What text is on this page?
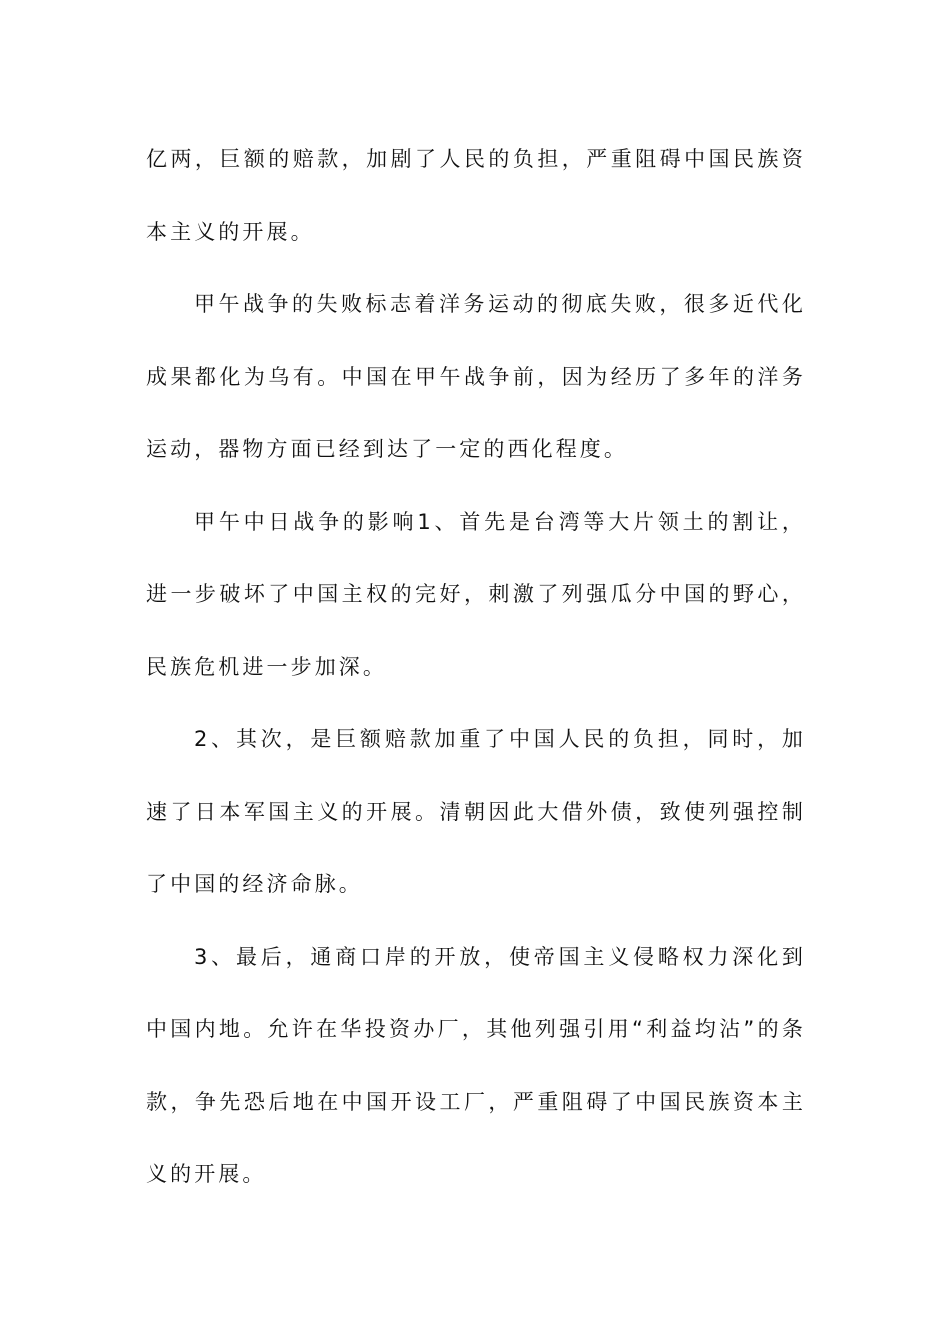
亿两，巨额的赔款，加剧了人民的负担，严重阻碍中国民族资本主义的开展。

甲午战争的失败标志着洋务运动的彻底失败，很多近代化成果都化为乌有。中国在甲午战争前，因为经历了多年的洋务运动，器物方面已经到达了一定的西化程度。

甲午中日战争的影响1、首先是台湾等大片领土的割让，进一步破坏了中国主权的完好，刺激了列强瓜分中国的野心，民族危机进一步加深。

2、其次，是巨额赔款加重了中国人民的负担，同时，加速了日本军国主义的开展。清朝因此大借外债，致使列强控制了中国的经济命脉。

3、最后，通商口岸的开放，使帝国主义侵略权力深化到中国内地。允许在华投资办厂，其他列强引用“利益均沾”的条款，争先恐后地在中国开设工厂，严重阻碍了中国民族资本主义的开展。
